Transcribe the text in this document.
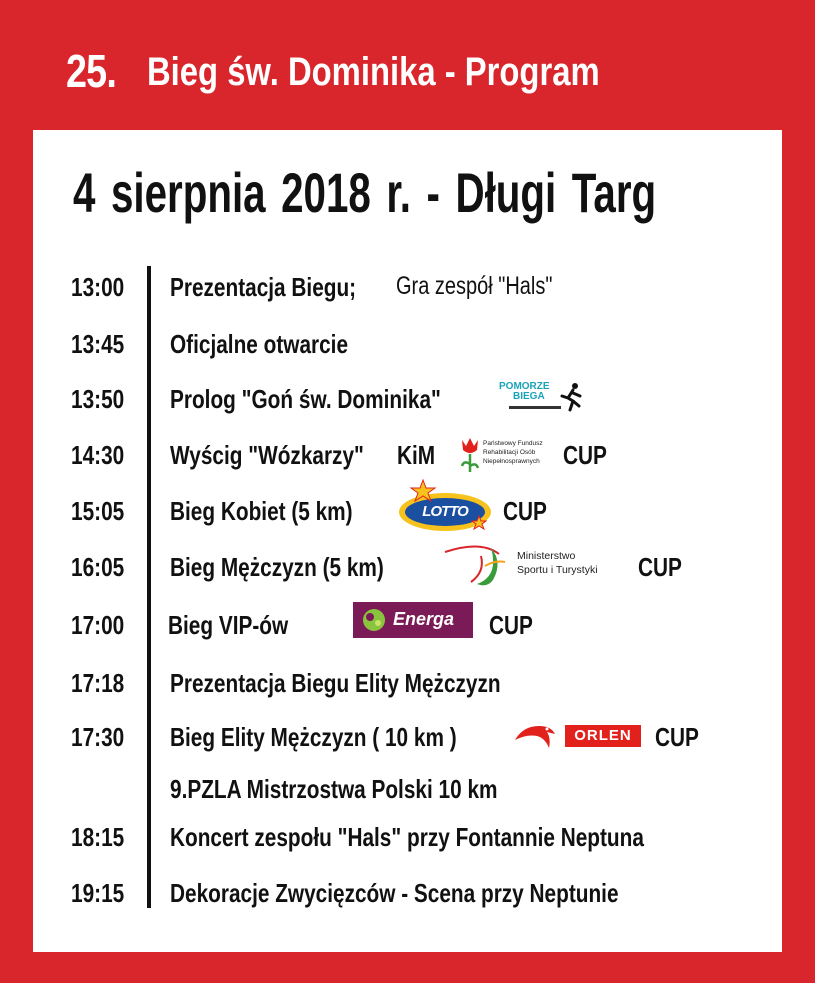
25. Bieg św. Dominika - Program
4 sierpnia 2018 r. - Długi Targ
13:00	Prezentacja Biegu; Gra zespół "Hals"
13:45	Oficjalne otwarcie
13:50	Prolog "Goń św. Dominika"	POMORZE
BIEGA
14:30	Wyścig "Wózkarzy" KiM	Państwowy Fundusz
Rehabilitacji Osób
Niepełnosprawnych CUP
15:05	Bieg Kobiet (5 km)	LOTTO CUP
16:05	Bieg Mężczyzn (5 km)	Ministerstwo
Sportu i Turystyki CUP
17:00	Bieg VIP-ów	Energa CUP
17:18	Prezentacja Biegu Elity Mężczyzn
17:30	Bieg Elity Mężczyzn ( 10 km )	ORLEN CUP
9.PZLA Mistrzostwa Polski 10 km
18:15	Koncert zespołu "Hals" przy Fontannie Neptuna
19:15	Dekoracje Zwycięzców - Scena przy Neptunie
